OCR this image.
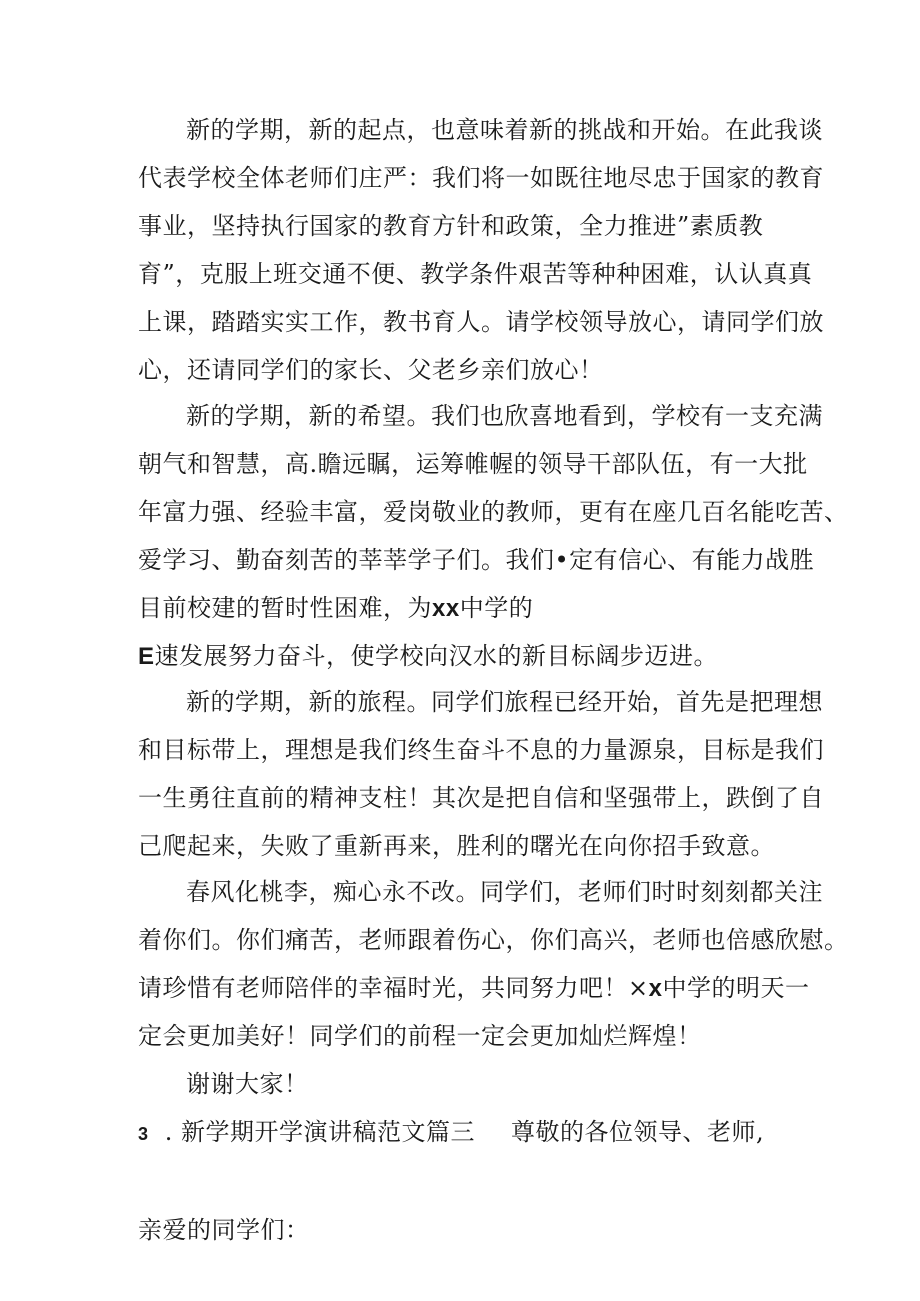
新的学期，新的起点，也意味着新的挑战和开始。在此我谈
代表学校全体老师们庄严：我们将一如既往地尽忠于国家的教育
事业，坚持执行国家的教育方针和政策，全力推进”素质教
育”，克服上班交通不便、教学条件艰苦等种种困难，认认真真
上课，踏踏实实工作，教书育人。请学校领导放心，请同学们放
心，还请同学们的家长、父老乡亲们放心！
新的学期，新的希望。我们也欣喜地看到，学校有一支充满
朝气和智慧，高.瞻远瞩，运筹帷幄的领导干部队伍，有一大批
年富力强、经验丰富，爱岗敬业的教师，更有在座几百名能吃苦、
爱学习、勤奋刻苦的莘莘学子们。我们•定有信心、有能力战胜
目前校建的暂时性困难，为xx中学的
E速发展努力奋斗，使学校向汉水的新目标阔步迈进。
新的学期，新的旅程。同学们旅程已经开始，首先是把理想
和目标带上，理想是我们终生奋斗不息的力量源泉，目标是我们
一生勇往直前的精神支柱！其次是把自信和坚强带上，跌倒了自
己爬起来，失败了重新再来，胜利的曙光在向你招手致意。
春风化桃李，痴心永不改。同学们，老师们时时刻刻都关注
着你们。你们痛苦，老师跟着伤心，你们高兴，老师也倍感欣慰。
请珍惜有老师陪伴的幸福时光，共同努力吧！×x中学的明天一
定会更加美好！同学们的前程一定会更加灿烂辉煌！
谢谢大家！
3 . 新学期开学演讲稿范文篇三 尊敬的各位领导、老师,
亲爱的同学们：
